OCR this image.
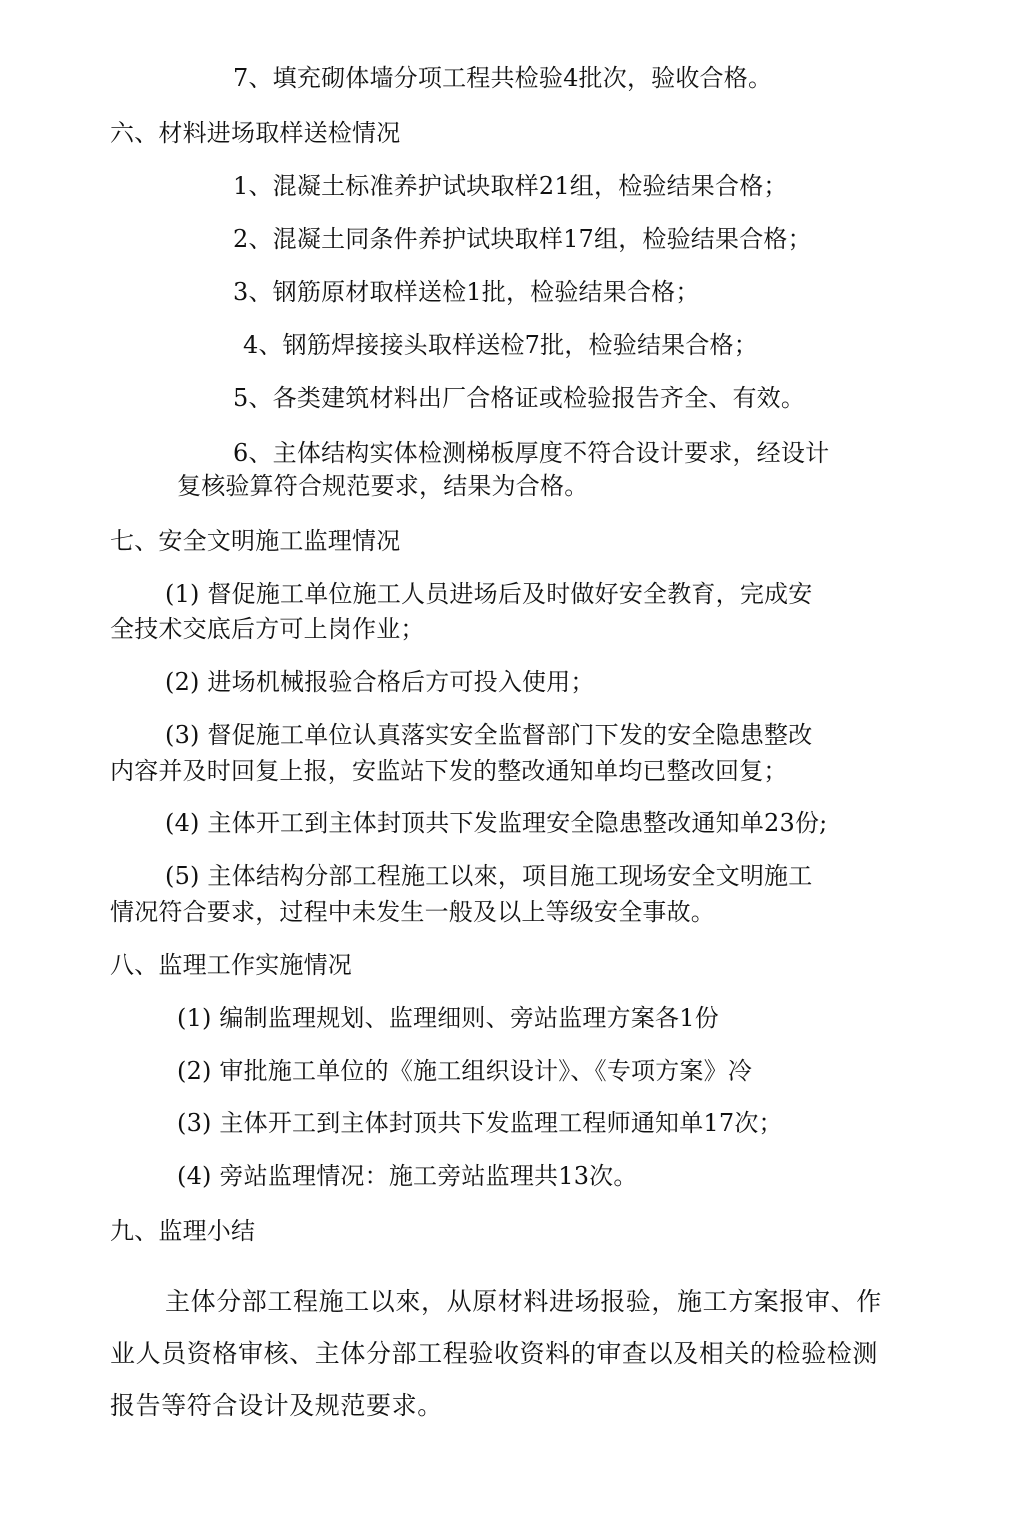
7、填充砌体墙分项工程共检验4批次，验收合格。
六、材料进场取样送检情况
1、混凝土标准养护试块取样21组，检验结果合格；
2、混凝土同条件养护试块取样17组，检验结果合格；
3、钢筋原材取样送检1批，检验结果合格；
4、钢筋焊接接头取样送检7批，检验结果合格；
5、各类建筑材料出厂合格证或检验报告齐全、有效。
6、主体结构实体检测梯板厚度不符合设计要求，经设计
复核验算符合规范要求，结果为合格。
七、安全文明施工监理情况
(1) 督促施工单位施工人员进场后及时做好安全教育，完成安
全技术交底后方可上岗作业；
(2) 进场机械报验合格后方可投入使用；
(3) 督促施工单位认真落实安全监督部门下发的安全隐患整改
内容并及时回复上报，安监站下发的整改通知单均已整改回复；
(4) 主体开工到主体封顶共下发监理安全隐患整改通知单23份;
(5) 主体结构分部工程施工以來，项目施工现场安全文明施工
情况符合要求，过程中未发生一般及以上等级安全事故。
八、监理工作实施情况
(1) 编制监理规划、监理细则、旁站监理方案各1份
(2) 审批施工单位的《施工组织设计》、《专项方案》冷
(3) 主体开工到主体封顶共下发监理工程师通知单17次；
(4) 旁站监理情况：施工旁站监理共13次。
九、监理小结
主体分部工程施工以來，从原材料进场报验，施工方案报审、作
业人员资格审核、主体分部工程验收资料的审查以及相关的检验检测
报告等符合设计及规范要求。
